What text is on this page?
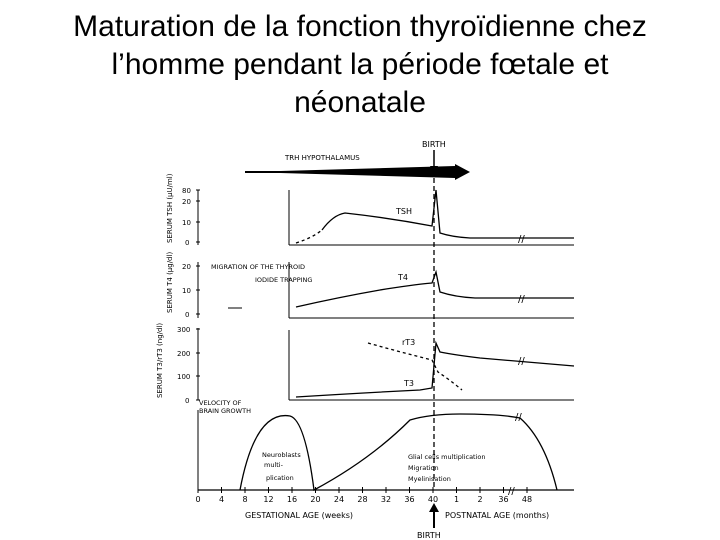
Maturation de la fonction thyroïdienne chez
l’homme pendant la période fœtale et
néonatale
TRH HYPOTHALAMUS
BIRTH
80
20
10
0
SERUM TSH (µU/ml)	TSH
//
20
10
0
SERUM T4 (µg/dl)	T4
//
MIGRATION OF THE THYROID
IODIDE TRAPPING
300
200
100
0
SERUM T3/rT3 (ng/dl)	rT3
T3
//
VELOCITY OF
BRAIN GROWTH
//
Neuroblasts
multi-
plication
Glial cells multiplication
Migration
Myelinisation
0 4 8 12 16 20 24 28 32 36 40 1 2 36 48
//
GESTATIONAL AGE (weeks)	POSTNATAL AGE (months)
BIRTH
